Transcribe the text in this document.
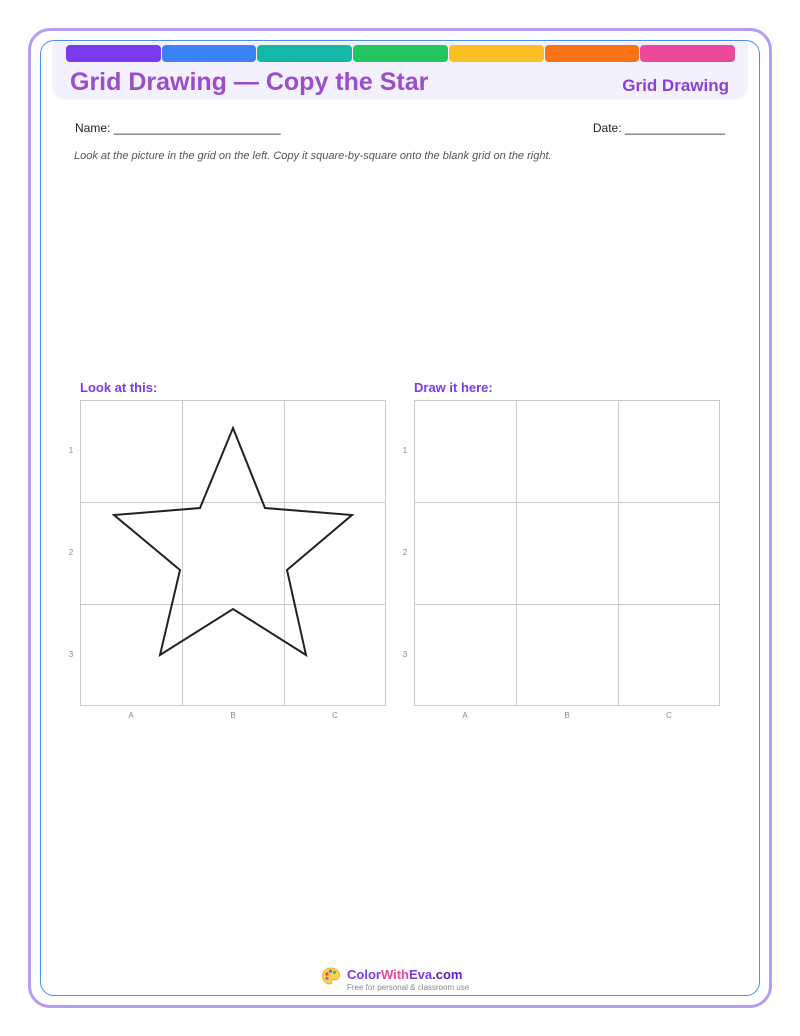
Grid Drawing — Copy the Star	Grid Drawing
Name: _________________________	Date: _______________
Look at the picture in the grid on the left. Copy it square-by-square onto the blank grid on the right.
Look at this:
1
2
3
A	B	C
Draw it here:
1
2
3
A	B	C
ColorWithEva.com
Free for personal & classroom use
